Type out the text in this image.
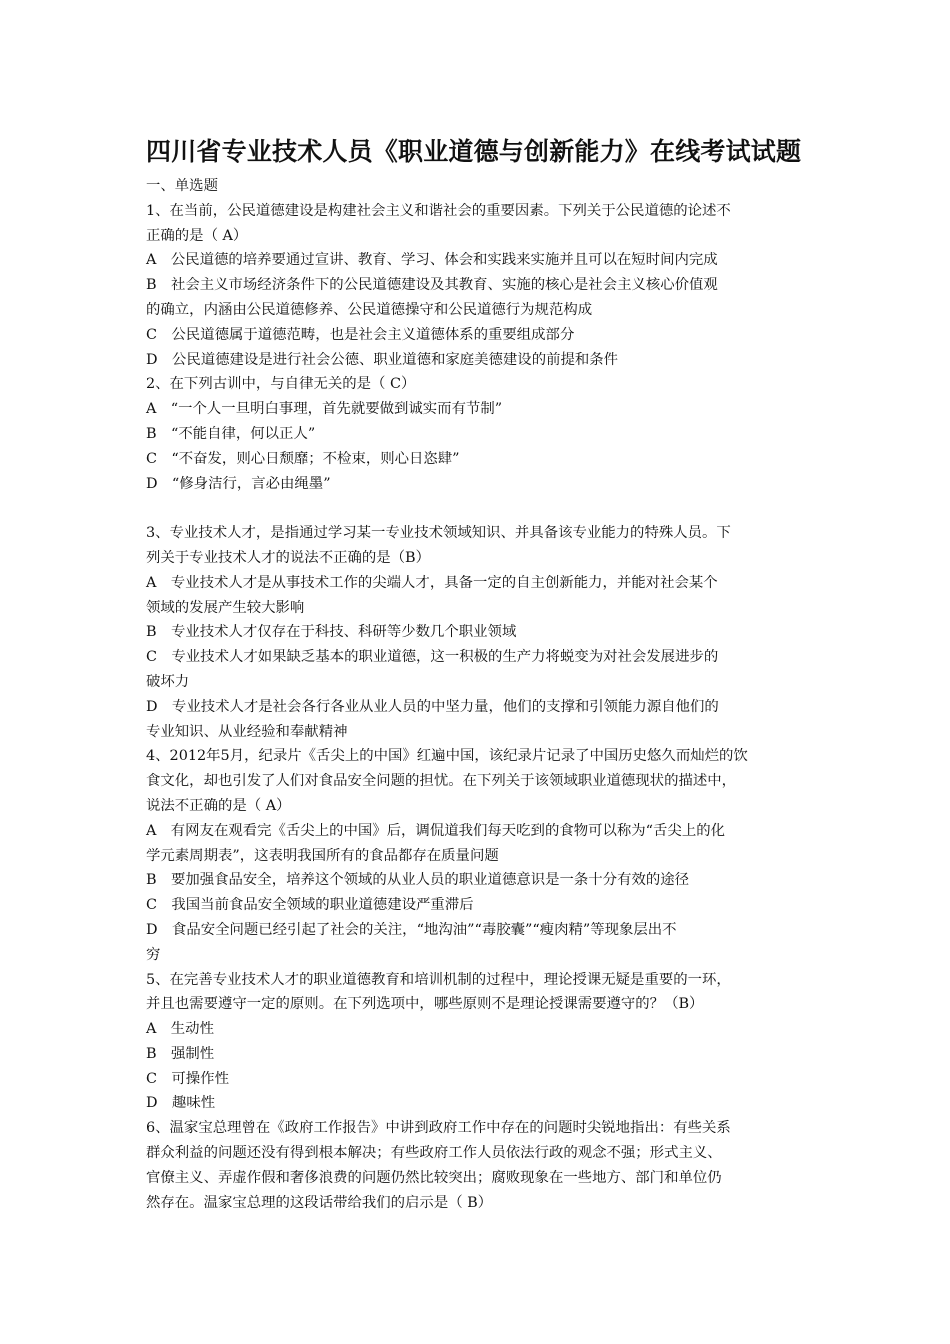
四川省专业技术人员《职业道德与创新能力》在线考试试题
一、单选题
1、在当前，公民道德建设是构建社会主义和谐社会的重要因素。下列关于公民道德的论述不
正确的是（ A）
A　公民道德的培养要通过宣讲、教育、学习、体会和实践来实施并且可以在短时间内完成
B　社会主义市场经济条件下的公民道德建设及其教育、实施的核心是社会主义核心价值观
的确立，内涵由公民道德修养、公民道德操守和公民道德行为规范构成
C　公民道德属于道德范畴，也是社会主义道德体系的重要组成部分
D　公民道德建设是进行社会公德、职业道德和家庭美德建设的前提和条件
2、在下列古训中，与自律无关的是（ C）
A　“一个人一旦明白事理，首先就要做到诚实而有节制”
B　“不能自律，何以正人”
C　“不奋发，则心日颓靡；不检束，则心日恣肆”
D　“修身洁行，言必由绳墨”
3、专业技术人才，是指通过学习某一专业技术领域知识、并具备该专业能力的特殊人员。下
列关于专业技术人才的说法不正确的是（B）
A　专业技术人才是从事技术工作的尖端人才，具备一定的自主创新能力，并能对社会某个
领域的发展产生较大影响
B　专业技术人才仅存在于科技、科研等少数几个职业领域
C　专业技术人才如果缺乏基本的职业道德，这一积极的生产力将蜕变为对社会发展进步的
破坏力
D　专业技术人才是社会各行各业从业人员的中坚力量，他们的支撑和引领能力源自他们的
专业知识、从业经验和奉献精神
4、2012年5月，纪录片《舌尖上的中国》红遍中国，该纪录片记录了中国历史悠久而灿烂的饮
食文化，却也引发了人们对食品安全问题的担忧。在下列关于该领域职业道德现状的描述中，
说法不正确的是（ A）
A　有网友在观看完《舌尖上的中国》后，调侃道我们每天吃到的食物可以称为“舌尖上的化
学元素周期表”，这表明我国所有的食品都存在质量问题
B　要加强食品安全，培养这个领域的从业人员的职业道德意识是一条十分有效的途径
C　我国当前食品安全领域的职业道德建设严重滞后
D　食品安全问题已经引起了社会的关注，“地沟油”“毒胶囊”“瘦肉精”等现象层出不
穷
5、在完善专业技术人才的职业道德教育和培训机制的过程中，理论授课无疑是重要的一环，
并且也需要遵守一定的原则。在下列选项中，哪些原则不是理论授课需要遵守的？（B）
A　生动性
B　强制性
C　可操作性
D　趣味性
6、温家宝总理曾在《政府工作报告》中讲到政府工作中存在的问题时尖锐地指出：有些关系
群众利益的问题还没有得到根本解决；有些政府工作人员依法行政的观念不强；形式主义、
官僚主义、弄虚作假和奢侈浪费的问题仍然比较突出；腐败现象在一些地方、部门和单位仍
然存在。温家宝总理的这段话带给我们的启示是（ B）
